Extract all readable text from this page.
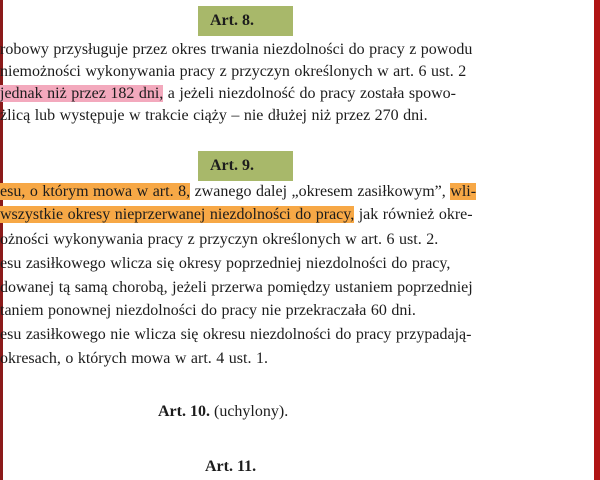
Art. 8.
robowy przysługuje przez okres trwania niezdolności do pracy z powodu
niemożności wykonywania pracy z przyczyn określonych w art. 6 ust. 2
jednak niż przez 182 dni, a jeżeli niezdolność do pracy została spowo-
żlicą lub występuje w trakcie ciąży – nie dłużej niż przez 270 dni.
Art. 9.
esu, o którym mowa w art. 8, zwanego dalej „okresem zasiłkowym”, wli-
wszystkie okresy nieprzerwanej niezdolności do pracy, jak również okre-
ożności wykonywania pracy z przyczyn określonych w art. 6 ust. 2.
esu zasiłkowego wlicza się okresy poprzedniej niezdolności do pracy,
dowanej tą samą chorobą, jeżeli przerwa pomiędzy ustaniem poprzedniej
taniem ponownej niezdolności do pracy nie przekraczała 60 dni.
esu zasiłkowego nie wlicza się okresu niezdolności do pracy przypadają-
okresach, o których mowa w art. 4 ust. 1.
Art. 10. (uchylony).
Art. 11.
